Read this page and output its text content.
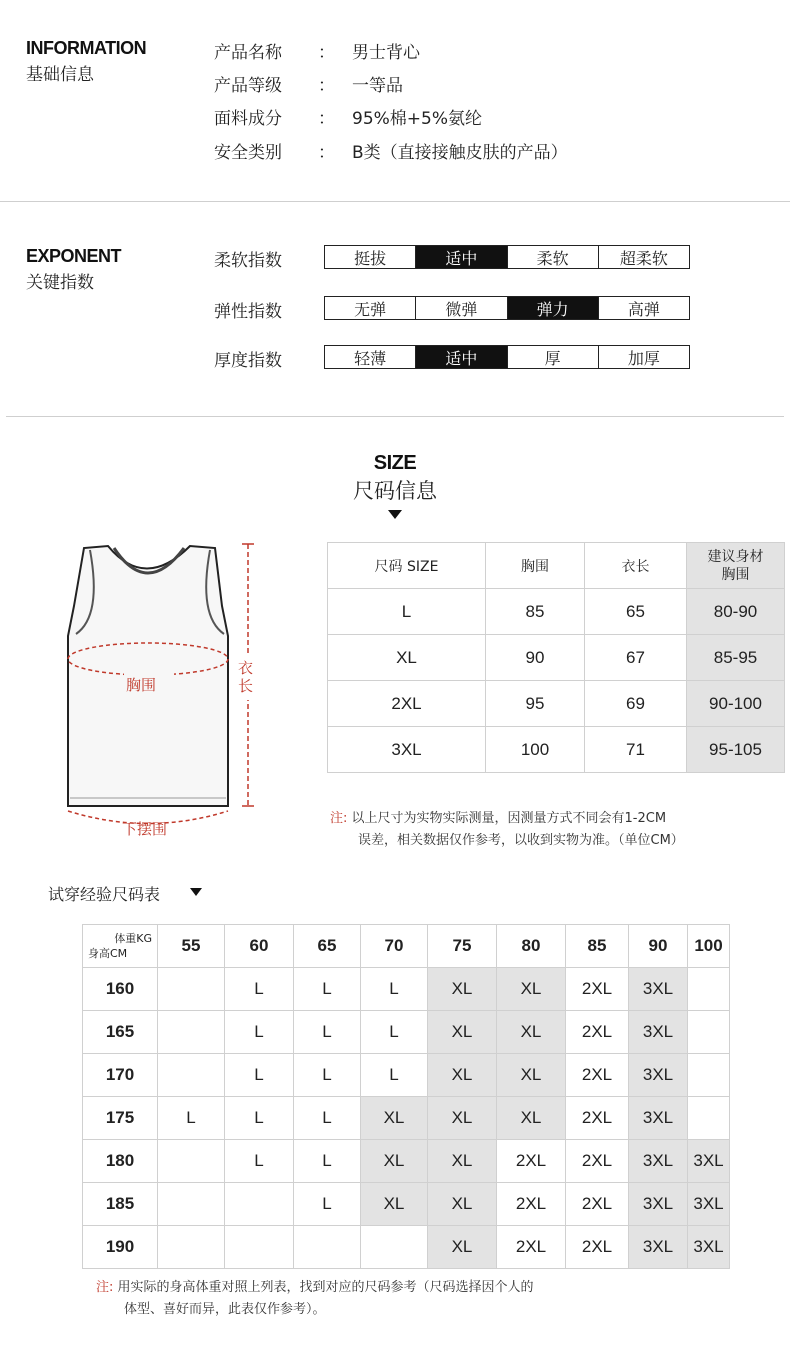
INFORMATION
基础信息
产品名称 ： 男士背心
产品等级 ： 一等品
面料成分 ： 95%棉+5%氨纶
安全类别 ： B类（直接接触皮肤的产品）
EXPONENT
关键指数
柔软指数	挺拔	适中	柔软	超柔软
弹性指数	无弹	微弹	弹力	高弹
厚度指数	轻薄	适中	厚	加厚
SIZE
尺码信息
胸围
衣
长
下摆围
尺码 SIZE	胸围	衣长	建议身材
胸围

L	85	65	80-90
XL	90	67	85-95
2XL	95	69	90-100
3XL	100	71	95-105
注: 以上尺寸为实物实际测量，因测量方式不同会有1-2CM
误差，相关数据仅作参考，以收到实物为准。（单位CM）
试穿经验尺码表
体重KG
身高CM	55	60	65	70	75	80	85	90	100
160		L	L	L	XL	XL	2XL	3XL	
165		L	L	L	XL	XL	2XL	3XL	
170		L	L	L	XL	XL	2XL	3XL	
175	L	L	L	XL	XL	XL	2XL	3XL	
180		L	L	XL	XL	2XL	2XL	3XL	3XL
185			L	XL	XL	2XL	2XL	3XL	3XL
190					XL	2XL	2XL	3XL	3XL
注: 用实际的身高体重对照上列表，找到对应的尺码参考（尺码选择因个人的
体型、喜好而异，此表仅作参考）。
